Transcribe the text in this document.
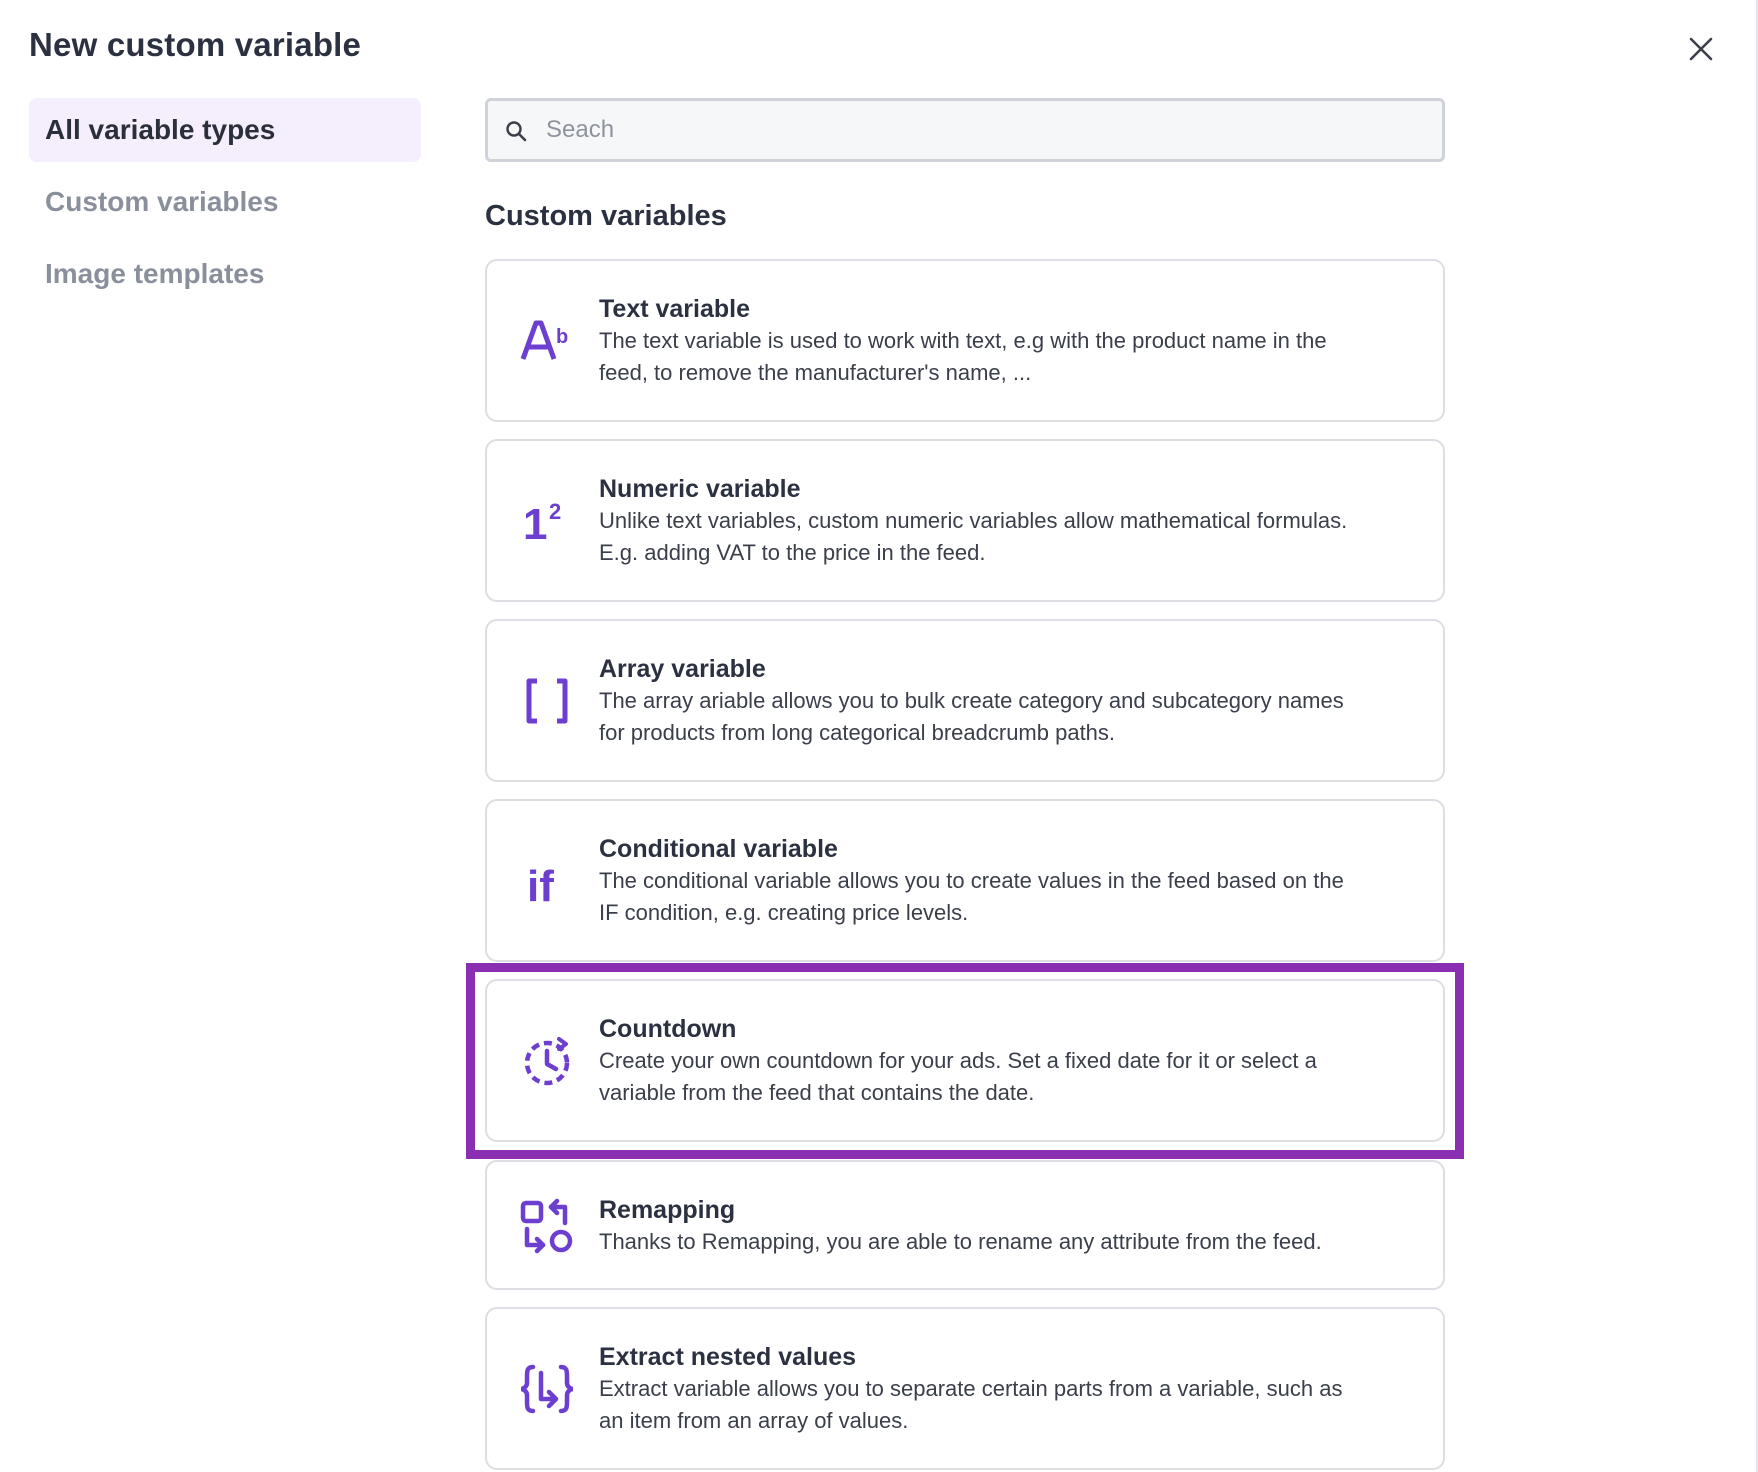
New custom variable
All variable types
Custom variables
Image templates
Seach
Custom variables
b
Text variable
The text variable is used to work with text, e.g with the product name in the
feed, to remove the manufacturer's name, ...
1 2
Numeric variable
Unlike text variables, custom numeric variables allow mathematical formulas.
E.g. adding VAT to the price in the feed.
Array variable
The array ariable allows you to bulk create category and subcategory names
for products from long categorical breadcrumb paths.
if
Conditional variable
The conditional variable allows you to create values in the feed based on the
IF condition, e.g. creating price levels.
Countdown
Create your own countdown for your ads. Set a fixed date for it or select a
variable from the feed that contains the date.
Remapping
Thanks to Remapping, you are able to rename any attribute from the feed.
Extract nested values
Extract variable allows you to separate certain parts from a variable, such as
an item from an array of values.
